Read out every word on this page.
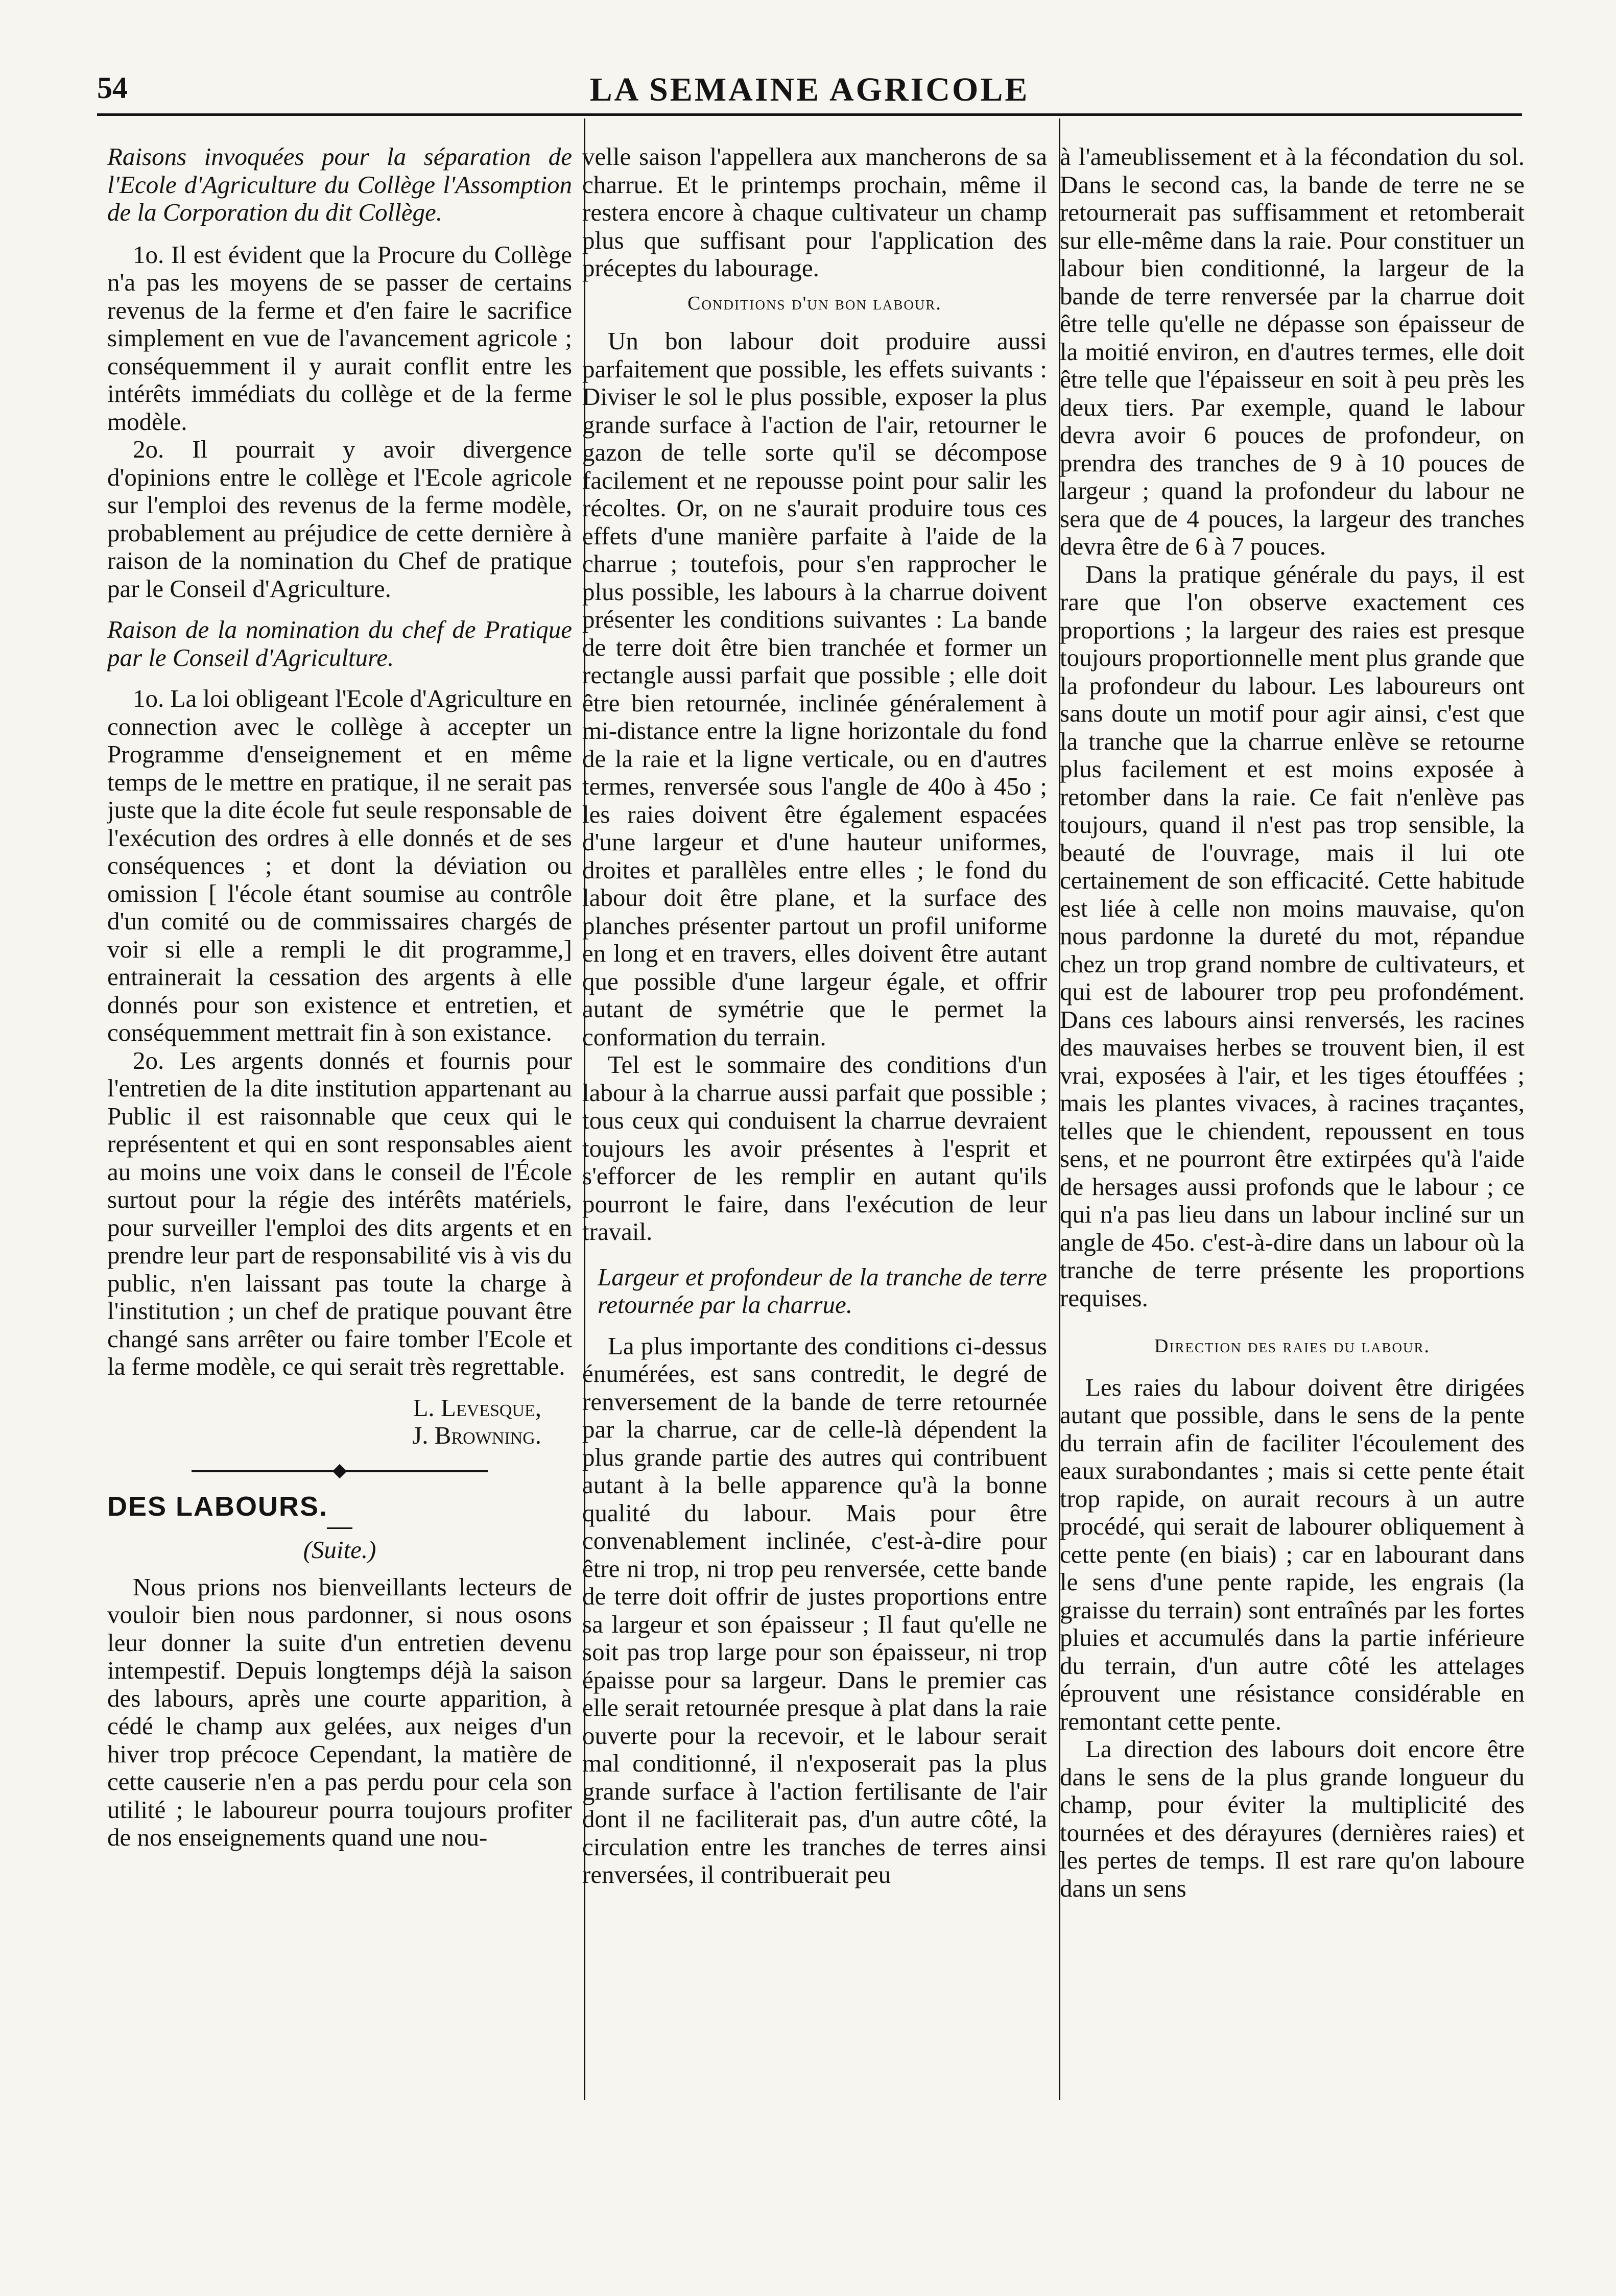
54	LA SEMAINE AGRICOLE

Raisons invoquées pour la séparation de l'Ecole d'Agriculture du Collège l'Assomption de la Corporation du dit Collège.

1o. Il est évident que la Procure du Collège n'a pas les moyens de se passer de certains revenus de la ferme et d'en faire le sacrifice simplement en vue de l'avancement agricole ; conséquemment il y aurait conflit entre les intérêts immédiats du collège et de la ferme modèle.

2o. Il pourrait y avoir divergence d'opinions entre le collège et l'Ecole agricole sur l'emploi des revenus de la ferme modèle, probablement au préjudice de cette dernière à raison de la nomination du Chef de pratique par le Conseil d'Agriculture.

Raison de la nomination du chef de Pratique par le Conseil d'Agriculture.

1o. La loi obligeant l'Ecole d'Agriculture en connection avec le collège à accepter un Programme d'enseignement et en même temps de le mettre en pratique, il ne serait pas juste que la dite école fut seule responsable de l'exécution des ordres à elle donnés et de ses conséquences ; et dont la déviation ou omission [ l'école étant soumise au contrôle d'un comité ou de commissaires chargés de voir si elle a rempli le dit programme,] entrainerait la cessation des argents à elle donnés pour son existence et entretien, et conséquemment mettrait fin à son existance.

2o. Les argents donnés et fournis pour l'entretien de la dite institution appartenant au Public il est raisonnable que ceux qui le représentent et qui en sont responsables aient au moins une voix dans le conseil de l'École surtout pour la régie des intérêts matériels, pour surveiller l'emploi des dits argents et en prendre leur part de responsabilité vis à vis du public, n'en laissant pas toute la charge à l'institution ; un chef de pratique pouvant être changé sans arrêter ou faire tomber l'Ecole et la ferme modèle, ce qui serait très regrettable.

L. Levesque,

J. Browning.

DES LABOURS.

(Suite.)

Nous prions nos bienveillants lecteurs de vouloir bien nous pardonner, si nous osons leur donner la suite d'un entretien devenu intempestif. Depuis longtemps déjà la saison des labours, après une courte apparition, à cédé le champ aux gelées, aux neiges d'un hiver trop précoce Cependant, la matière de cette causerie n'en a pas perdu pour cela son utilité ; le laboureur pourra toujours profiter de nos enseignements quand une nou-

velle saison l'appellera aux mancherons de sa charrue. Et le printemps prochain, même il restera encore à chaque cultivateur un champ plus que suffisant pour l'application des préceptes du labourage.

Conditions d'un bon labour.

Un bon labour doit produire aussi parfaitement que possible, les effets suivants : Diviser le sol le plus possible, exposer la plus grande surface à l'action de l'air, retourner le gazon de telle sorte qu'il se décompose facilement et ne repousse point pour salir les récoltes. Or, on ne s'aurait produire tous ces effets d'une manière parfaite à l'aide de la charrue ; toutefois, pour s'en rapprocher le plus possible, les labours à la charrue doivent présenter les conditions suivantes : La bande de terre doit être bien tranchée et former un rectangle aussi parfait que possible ; elle doit être bien retournée, inclinée généralement à mi-distance entre la ligne horizontale du fond de la raie et la ligne verticale, ou en d'autres termes, renversée sous l'angle de 40o à 45o ; les raies doivent être également espacées d'une largeur et d'une hauteur uniformes, droites et parallèles entre elles ; le fond du labour doit être plane, et la surface des planches présenter partout un profil uniforme en long et en travers, elles doivent être autant que possible d'une largeur égale, et offrir autant de symétrie que le permet la conformation du terrain.

Tel est le sommaire des conditions d'un labour à la charrue aussi parfait que possible ; tous ceux qui conduisent la charrue devraient toujours les avoir présentes à l'esprit et s'efforcer de les remplir en autant qu'ils pourront le faire, dans l'exécution de leur travail.

Largeur et profondeur de la tranche de terre retournée par la charrue.

La plus importante des conditions ci-dessus énumérées, est sans contredit, le degré de renversement de la bande de terre retournée par la charrue, car de celle-là dépendent la plus grande partie des autres qui contribuent autant à la belle apparence qu'à la bonne qualité du labour. Mais pour être convenablement inclinée, c'est-à-dire pour être ni trop, ni trop peu renversée, cette bande de terre doit offrir de justes proportions entre sa largeur et son épaisseur ; Il faut qu'elle ne soit pas trop large pour son épaisseur, ni trop épaisse pour sa largeur. Dans le premier cas elle serait retournée presque à plat dans la raie ouverte pour la recevoir, et le labour serait mal conditionné, il n'exposerait pas la plus grande surface à l'action fertilisante de l'air dont il ne faciliterait pas, d'un autre côté, la circulation entre les tranches de terres ainsi renversées, il contribuerait peu

à l'ameublissement et à la fécondation du sol. Dans le second cas, la bande de terre ne se retournerait pas suffisamment et retomberait sur elle-même dans la raie. Pour constituer un labour bien conditionné, la largeur de la bande de terre renversée par la charrue doit être telle qu'elle ne dépasse son épaisseur de la moitié environ, en d'autres termes, elle doit être telle que l'épaisseur en soit à peu près les deux tiers. Par exemple, quand le labour devra avoir 6 pouces de profondeur, on prendra des tranches de 9 à 10 pouces de largeur ; quand la profondeur du labour ne sera que de 4 pouces, la largeur des tranches devra être de 6 à 7 pouces.

Dans la pratique générale du pays, il est rare que l'on observe exactement ces proportions ; la largeur des raies est presque toujours proportionnelle ment plus grande que la profondeur du labour. Les laboureurs ont sans doute un motif pour agir ainsi, c'est que la tranche que la charrue enlève se retourne plus facilement et est moins exposée à retomber dans la raie. Ce fait n'enlève pas toujours, quand il n'est pas trop sensible, la beauté de l'ouvrage, mais il lui ote certainement de son efficacité. Cette habitude est liée à celle non moins mauvaise, qu'on nous pardonne la dureté du mot, répandue chez un trop grand nombre de cultivateurs, et qui est de labourer trop peu profondément. Dans ces labours ainsi renversés, les racines des mauvaises herbes se trouvent bien, il est vrai, exposées à l'air, et les tiges étouffées ; mais les plantes vivaces, à racines traçantes, telles que le chiendent, repoussent en tous sens, et ne pourront être extirpées qu'à l'aide de hersages aussi profonds que le labour ; ce qui n'a pas lieu dans un labour incliné sur un angle de 45o. c'est-à-dire dans un labour où la tranche de terre présente les proportions requises.

Direction des raies du labour.

Les raies du labour doivent être dirigées autant que possible, dans le sens de la pente du terrain afin de faciliter l'écoulement des eaux surabondantes ; mais si cette pente était trop rapide, on aurait recours à un autre procédé, qui serait de labourer obliquement à cette pente (en biais) ; car en labourant dans le sens d'une pente rapide, les engrais (la graisse du terrain) sont entraînés par les fortes pluies et accumulés dans la partie inférieure du terrain, d'un autre côté les attelages éprouvent une résistance considérable en remontant cette pente.

La direction des labours doit encore être dans le sens de la plus grande longueur du champ, pour éviter la multiplicité des tournées et des dérayures (dernières raies) et les pertes de temps. Il est rare qu'on laboure dans un sens
